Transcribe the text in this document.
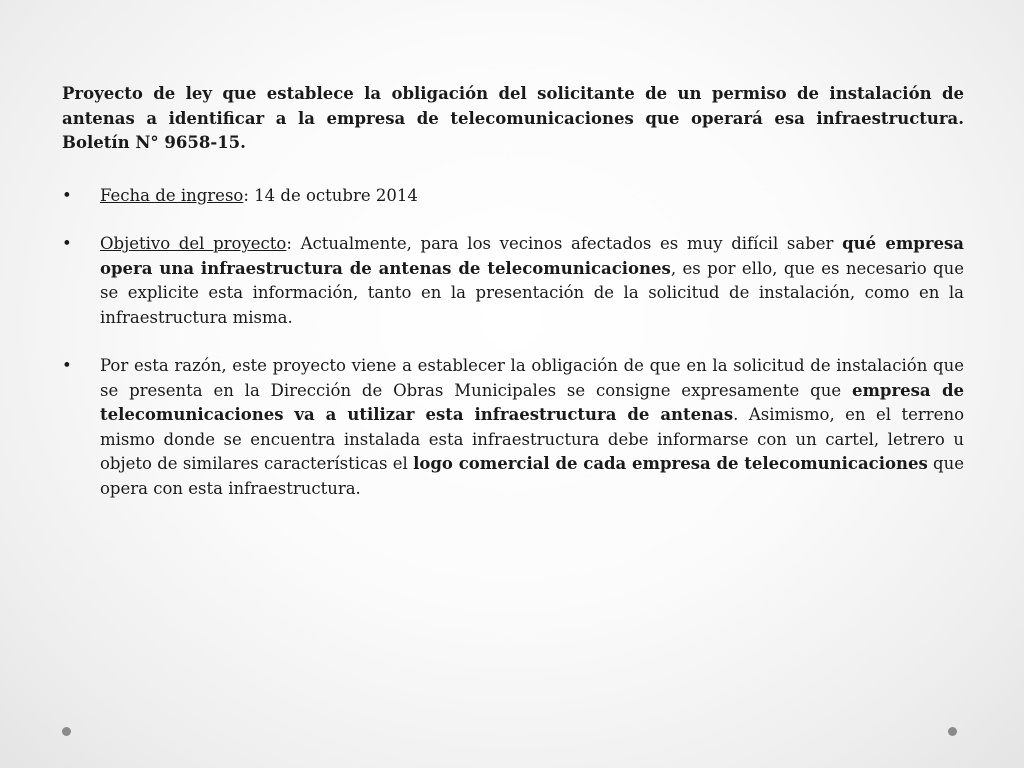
Proyecto de ley que establece la obligación del solicitante de un permiso de instalación de antenas a identificar a la empresa de telecomunicaciones que operará esa infraestructura. Boletín N° 9658-15.

• Fecha de ingreso: 14 de octubre 2014
• Objetivo del proyecto: Actualmente, para los vecinos afectados es muy difícil saber qué empresa opera una infraestructura de antenas de telecomunicaciones, es por ello, que es necesario que se explicite esta información, tanto en la presentación de la solicitud de instalación, como en la infraestructura misma.
• Por esta razón, este proyecto viene a establecer la obligación de que en la solicitud de instalación que se presenta en la Dirección de Obras Municipales se consigne expresamente que empresa de telecomunicaciones va a utilizar esta infraestructura de antenas. Asimismo, en el terreno mismo donde se encuentra instalada esta infraestructura debe informarse con un cartel, letrero u objeto de similares características el logo comercial de cada empresa de telecomunicaciones que opera con esta infraestructura.
